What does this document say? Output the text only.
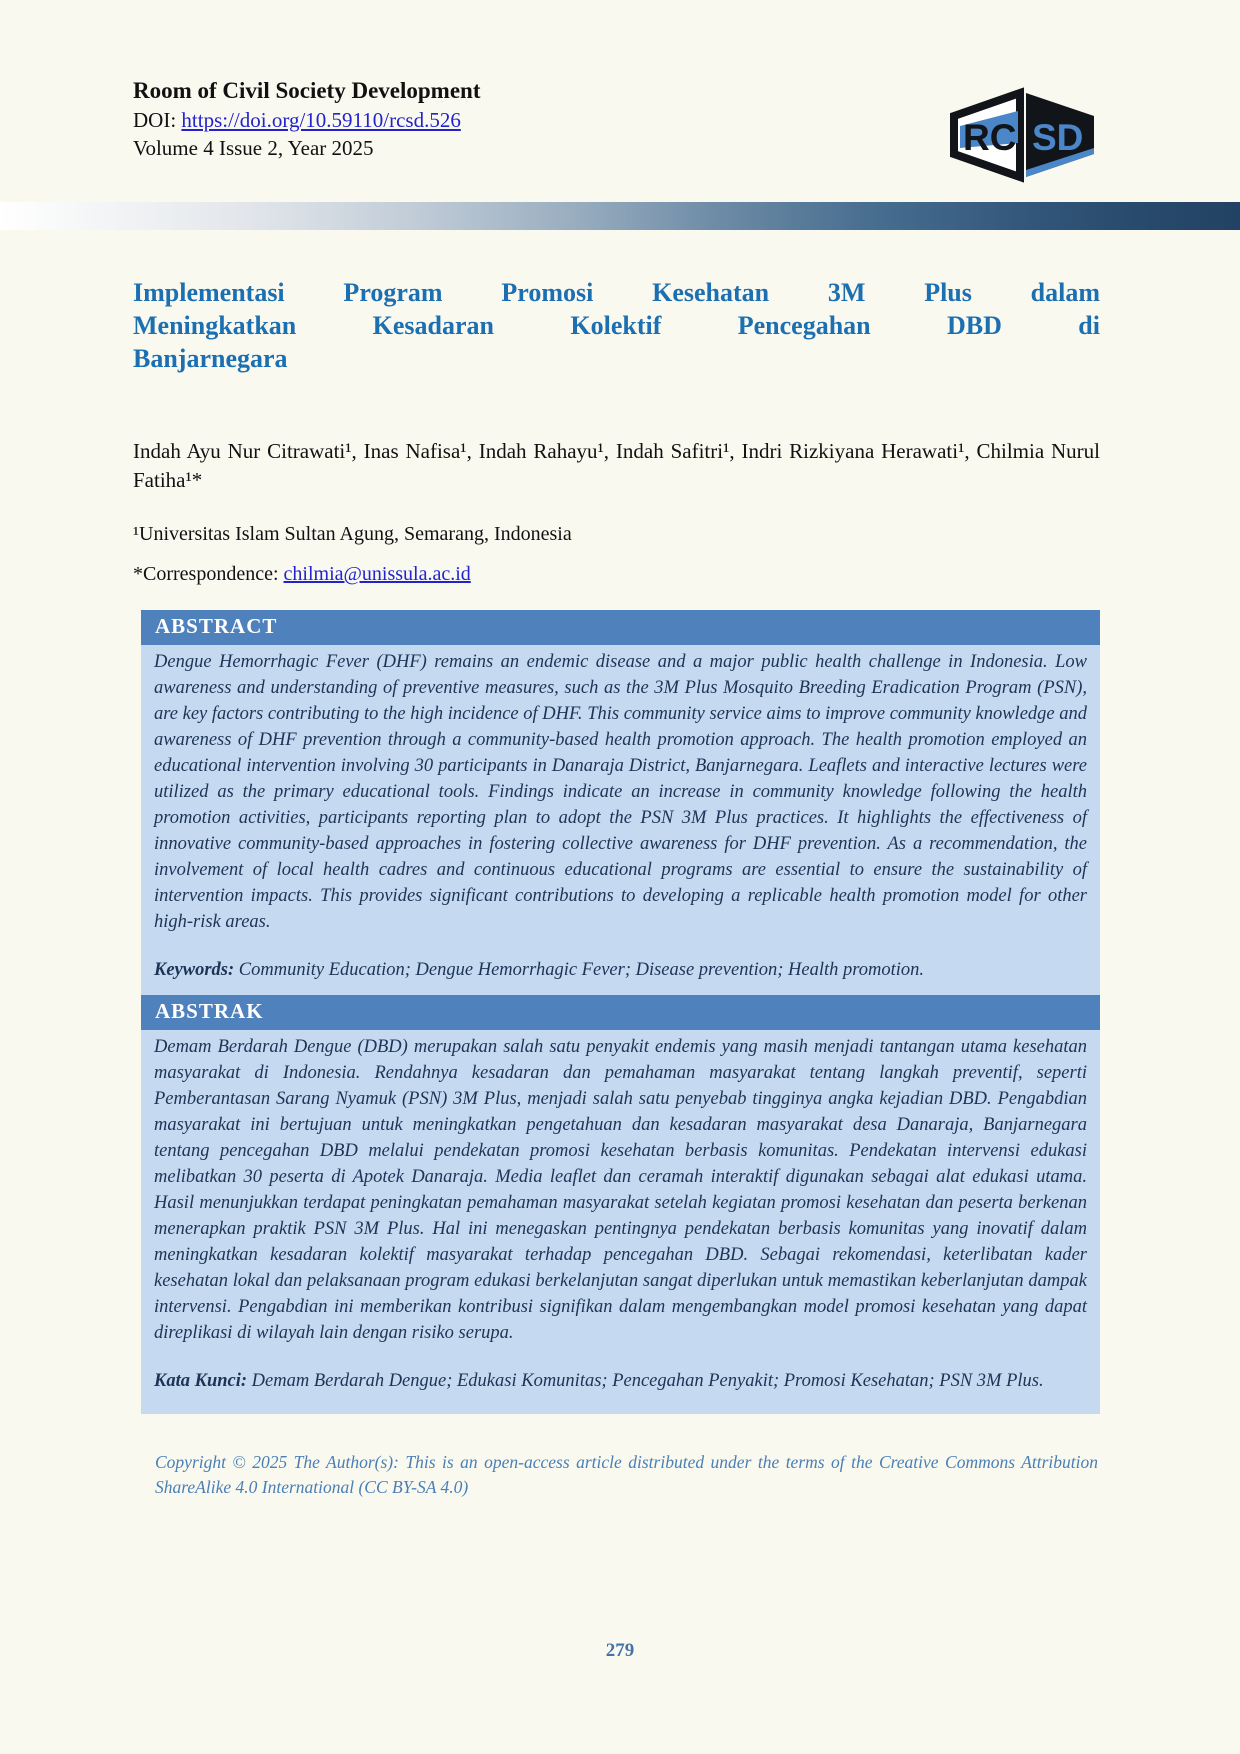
Room of Civil Society Development
DOI: https://doi.org/10.59110/rcsd.526
Volume 4 Issue 2, Year 2025	RC SD
Implementasi Program Promosi Kesehatan 3M Plus dalam
Meningkatkan Kesadaran Kolektif Pencegahan DBD di
Banjarnegara
Indah Ayu Nur Citrawati¹, Inas Nafisa¹, Indah Rahayu¹, Indah Safitri¹, Indri Rizkiyana Herawati¹, Chilmia Nurul Fatiha¹*
¹Universitas Islam Sultan Agung, Semarang, Indonesia
*Correspondence: chilmia@unissula.ac.id
ABSTRACT

Dengue Hemorrhagic Fever (DHF) remains an endemic disease and a major public health challenge in Indonesia. Low awareness and understanding of preventive measures, such as the 3M Plus Mosquito Breeding Eradication Program (PSN), are key factors contributing to the high incidence of DHF. This community service aims to improve community knowledge and awareness of DHF prevention through a community-based health promotion approach. The health promotion employed an educational intervention involving 30 participants in Danaraja District, Banjarnegara. Leaflets and interactive lectures were utilized as the primary educational tools. Findings indicate an increase in community knowledge following the health promotion activities, participants reporting plan to adopt the PSN 3M Plus practices. It highlights the effectiveness of innovative community-based approaches in fostering collective awareness for DHF prevention. As a recommendation, the involvement of local health cadres and continuous educational programs are essential to ensure the sustainability of intervention impacts. This provides significant contributions to developing a replicable health promotion model for other high-risk areas.

Keywords: Community Education; Dengue Hemorrhagic Fever; Disease prevention; Health promotion.

ABSTRAK

Demam Berdarah Dengue (DBD) merupakan salah satu penyakit endemis yang masih menjadi tantangan utama kesehatan masyarakat di Indonesia. Rendahnya kesadaran dan pemahaman masyarakat tentang langkah preventif, seperti Pemberantasan Sarang Nyamuk (PSN) 3M Plus, menjadi salah satu penyebab tingginya angka kejadian DBD. Pengabdian masyarakat ini bertujuan untuk meningkatkan pengetahuan dan kesadaran masyarakat desa Danaraja, Banjarnegara tentang pencegahan DBD melalui pendekatan promosi kesehatan berbasis komunitas. Pendekatan intervensi edukasi melibatkan 30 peserta di Apotek Danaraja. Media leaflet dan ceramah interaktif digunakan sebagai alat edukasi utama. Hasil menunjukkan terdapat peningkatan pemahaman masyarakat setelah kegiatan promosi kesehatan dan peserta berkenan menerapkan praktik PSN 3M Plus. Hal ini menegaskan pentingnya pendekatan berbasis komunitas yang inovatif dalam meningkatkan kesadaran kolektif masyarakat terhadap pencegahan DBD. Sebagai rekomendasi, keterlibatan kader kesehatan lokal dan pelaksanaan program edukasi berkelanjutan sangat diperlukan untuk memastikan keberlanjutan dampak intervensi. Pengabdian ini memberikan kontribusi signifikan dalam mengembangkan model promosi kesehatan yang dapat direplikasi di wilayah lain dengan risiko serupa.

Kata Kunci: Demam Berdarah Dengue; Edukasi Komunitas; Pencegahan Penyakit; Promosi Kesehatan; PSN 3M Plus.

Copyright © 2025 The Author(s): This is an open-access article distributed under the terms of the Creative Commons Attribution ShareAlike 4.0 International (CC BY-SA 4.0)
279
